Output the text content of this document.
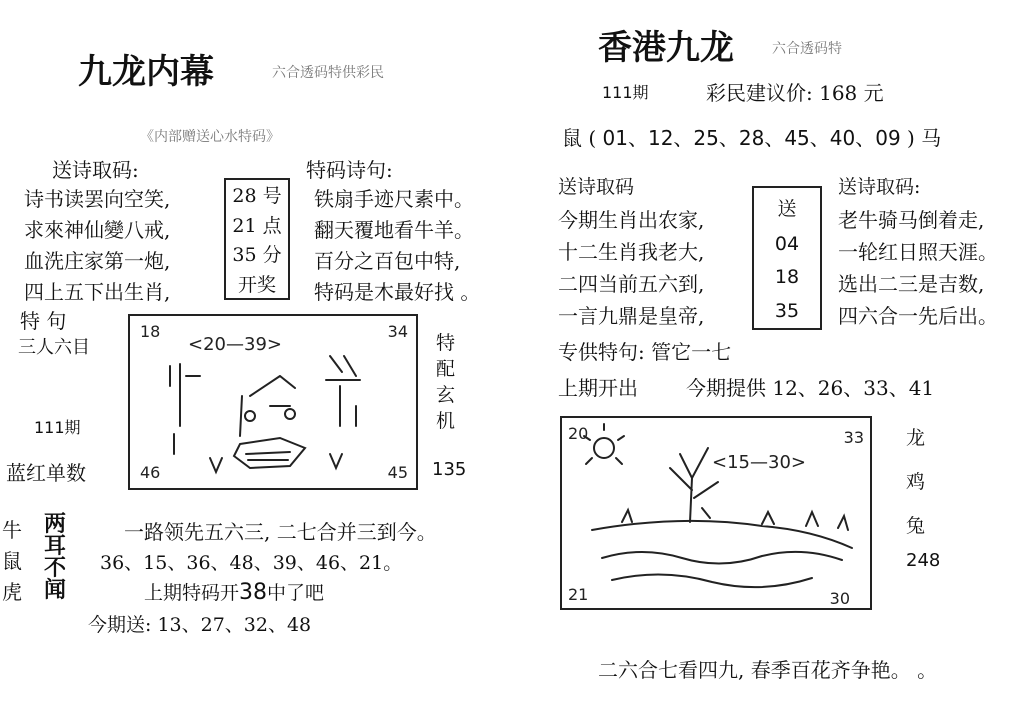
九龙内幕	六合透码特供彩民
《内部赠送心水特码》
送诗取码:	特码诗句:
诗书读罢向空笑,
求來神仙變八戒,
血洗庄家第一炮,
四上五下出生肖,
28 号
21 点
35 分
开奖
铁扇手迹尺素中。
翻天覆地看牛羊。
百分之百包中特,
特码是木最好找 。
特 句
三人六目
111期
蓝红单数
18	34
46	45
<20—39>	特
配
玄
机
135
牛
鼠
虎
两
耳
不
闻
一路领先五六三, 二七合并三到今。
36、15、36、48、39、46、21。
上期特码开38中了吧
今期送: 13、27、32、48
香港九龙	六合透码特
111期	彩民建议价: 168 元
鼠 ( 01、12、25、28、45、40、09 ) 马
送诗取码	送诗取码:
今期生肖出农家,
十二生肖我老大,
二四当前五六到,
一言九鼎是皇帝,
送
04
18
35
老牛骑马倒着走,
一轮红日照天涯。
选出二三是吉数,
四六合一先后出。
专供特句: 管它一七
上期开出 今期提供 12、26、33、41
20	33
21	30
<15—30>
龙
鸡
兔
248
二六合七看四九, 春季百花齐争艳。 。
